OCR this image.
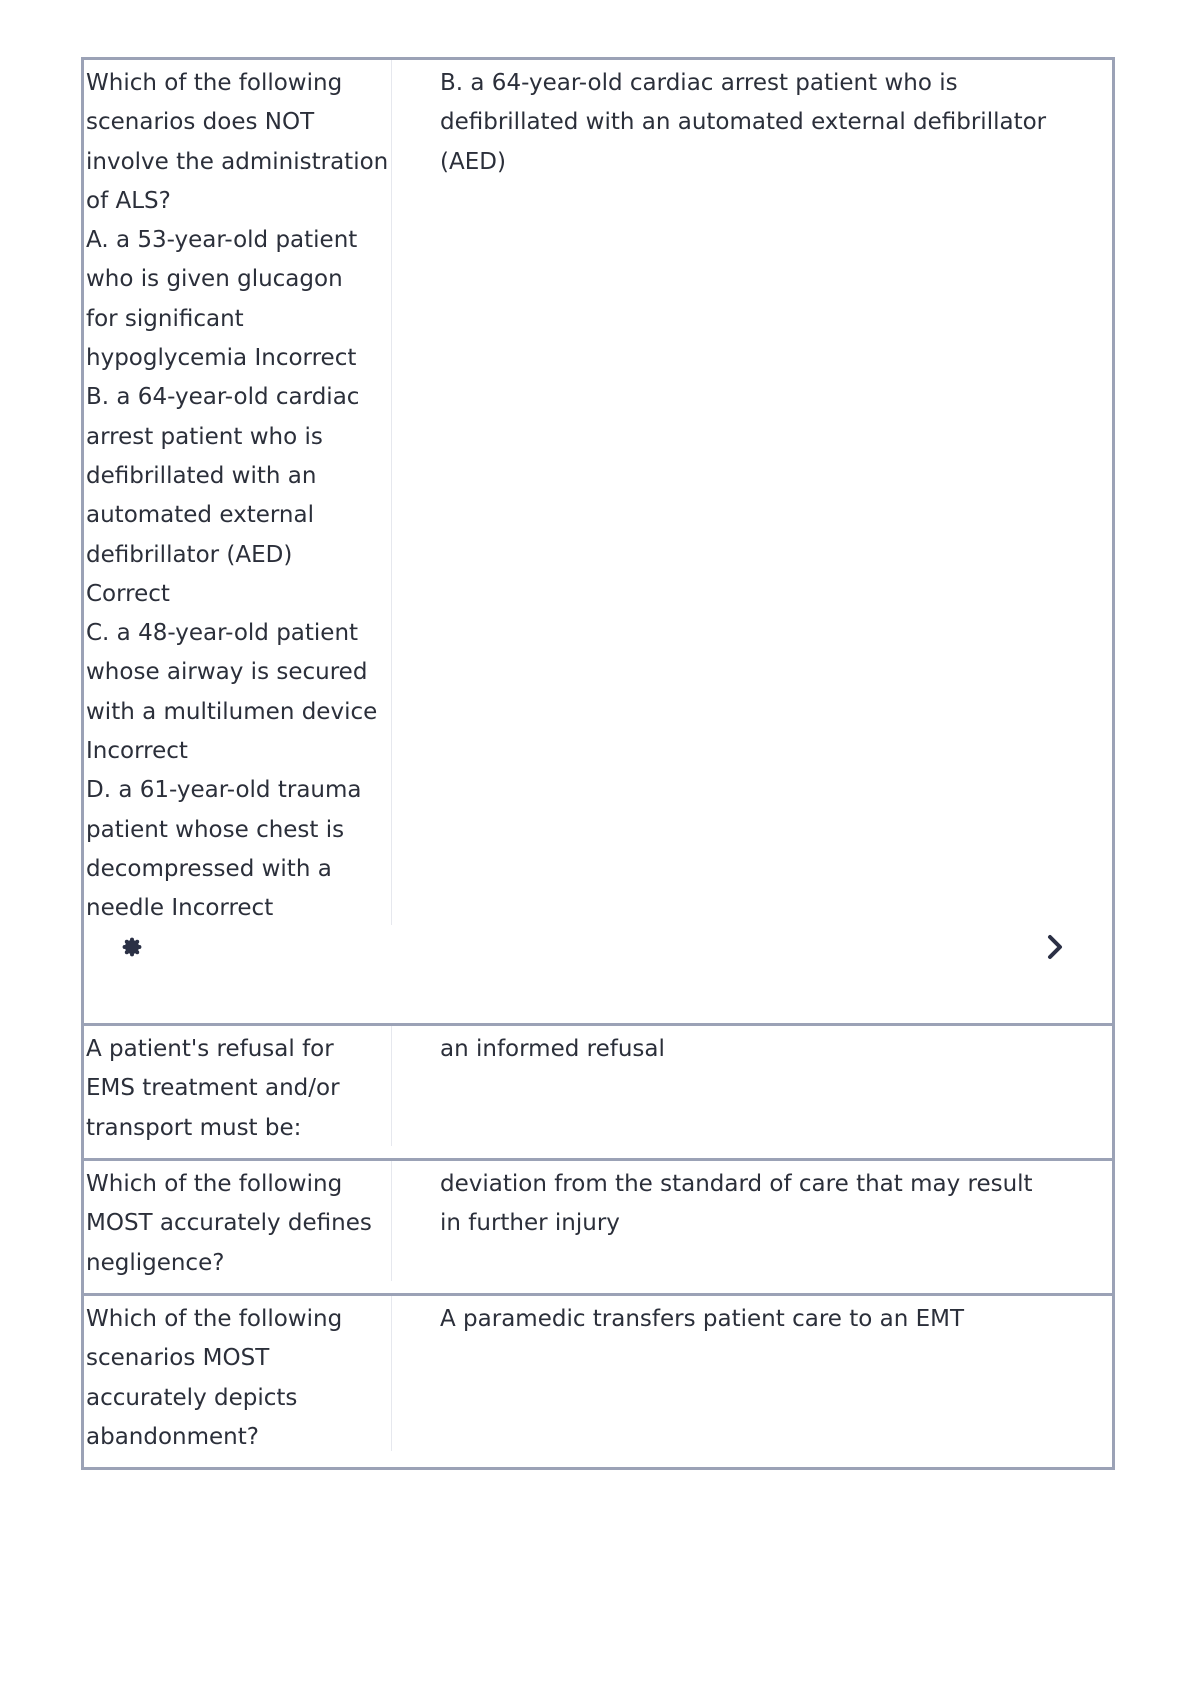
Which of the following
scenarios does NOT
involve the administration
of ALS?
A. a 53-year-old patient
who is given glucagon
for significant
hypoglycemia Incorrect
B. a 64-year-old cardiac
arrest patient who is
defibrillated with an
automated external
defibrillator (AED)
Correct
C. a 48-year-old patient
whose airway is secured
with a multilumen device
Incorrect
D. a 61-year-old trauma
patient whose chest is
decompressed with a
needle Incorrect
B. a 64-year-old cardiac arrest patient who is
defibrillated with an automated external defibrillator
(AED)
A patient's refusal for
EMS treatment and/or
transport must be:
an informed refusal
Which of the following
MOST accurately defines
negligence?
deviation from the standard of care that may result
in further injury
Which of the following
scenarios MOST
accurately depicts
abandonment?
A paramedic transfers patient care to an EMT
